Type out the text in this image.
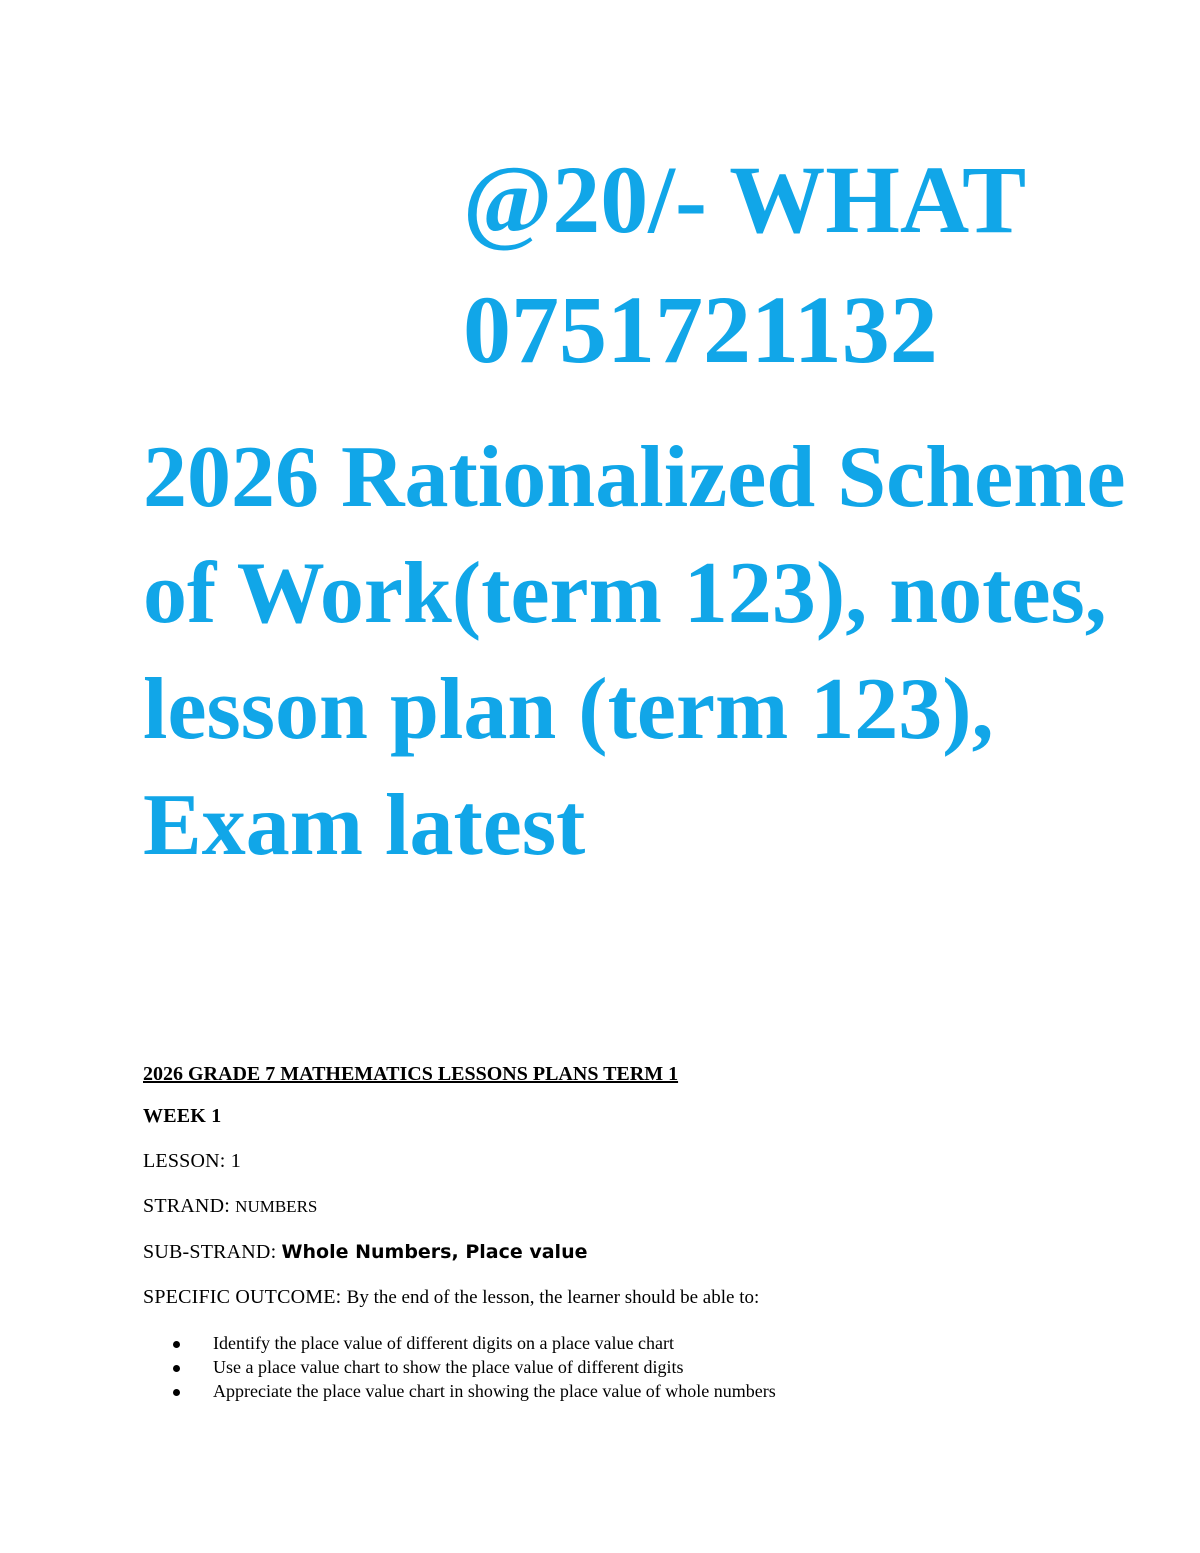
@20/- WHAT
0751721132
2026 Rationalized Scheme of Work(term 123), notes, lesson plan (term 123), Exam latest
2026 GRADE 7 MATHEMATICS LESSONS PLANS TERM 1
WEEK 1
LESSON: 1
STRAND: NUMBERS
SUB-STRAND: Whole Numbers, Place value
SPECIFIC OUTCOME: By the end of the lesson, the learner should be able to:
Identify the place value of different digits on a place value chart
Use a place value chart to show the place value of different digits
Appreciate the place value chart in showing the place value of whole numbers
